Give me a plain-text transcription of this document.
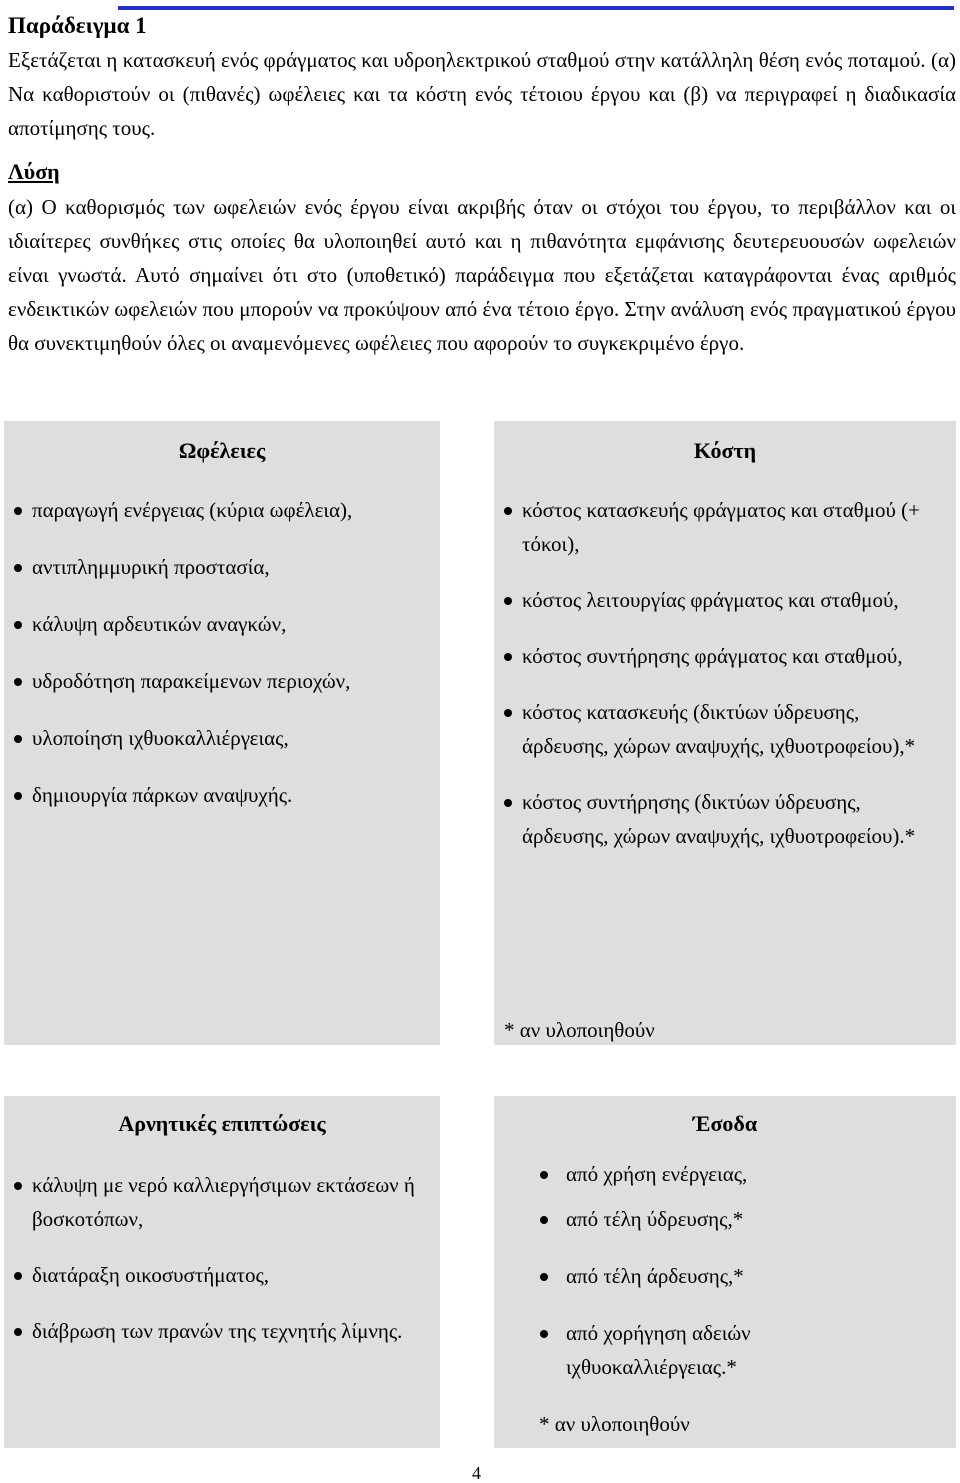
Παράδειγμα 1
Εξετάζεται η κατασκευή ενός φράγματος και υδροηλεκτρικού σταθμού στην κατάλληλη θέση ενός ποταμού. (α) Να καθοριστούν οι (πιθανές) ωφέλειες και τα κόστη ενός τέτοιου έργου και (β) να περιγραφεί η διαδικασία αποτίμησης τους.
Λύση
(α) Ο καθορισμός των ωφελειών ενός έργου είναι ακριβής όταν οι στόχοι του έργου, το περιβάλλον και οι ιδιαίτερες συνθήκες στις οποίες θα υλοποιηθεί αυτό και η πιθανότητα εμφάνισης δευτερευουσών ωφελειών είναι γνωστά. Αυτό σημαίνει ότι στο (υποθετικό) παράδειγμα που εξετάζεται καταγράφονται ένας αριθμός ενδεικτικών ωφελειών που μπορούν να προκύψουν από ένα τέτοιο έργο. Στην ανάλυση ενός πραγματικού έργου θα συνεκτιμηθούν όλες οι αναμενόμενες ωφέλειες που αφορούν το συγκεκριμένο έργο.
Ωφέλειες
παραγωγή ενέργειας (κύρια ωφέλεια),
αντιπλημμυρική προστασία,
κάλυψη αρδευτικών αναγκών,
υδροδότηση παρακείμενων περιοχών,
υλοποίηση ιχθυοκαλλιέργειας,
δημιουργία πάρκων αναψυχής.
Κόστη
κόστος κατασκευής φράγματος και σταθμού (+ τόκοι),
κόστος λειτουργίας φράγματος και σταθμού,
κόστος συντήρησης φράγματος και σταθμού,
κόστος κατασκευής (δικτύων ύδρευσης, άρδευσης, χώρων αναψυχής, ιχθυοτροφείου),*
κόστος συντήρησης (δικτύων ύδρευσης, άρδευσης, χώρων αναψυχής, ιχθυοτροφείου).*
* αν υλοποιηθούν
Αρνητικές επιπτώσεις
κάλυψη με νερό καλλιεργήσιμων εκτάσεων ή βοσκοτόπων,
διατάραξη οικοσυστήματος,
διάβρωση των πρανών της τεχνητής λίμνης.
Έσοδα
από χρήση ενέργειας,
από τέλη ύδρευσης,*
από τέλη άρδευσης,*
από χορήγηση αδειών ιχθυοκαλλιέργειας.*
* αν υλοποιηθούν
4
